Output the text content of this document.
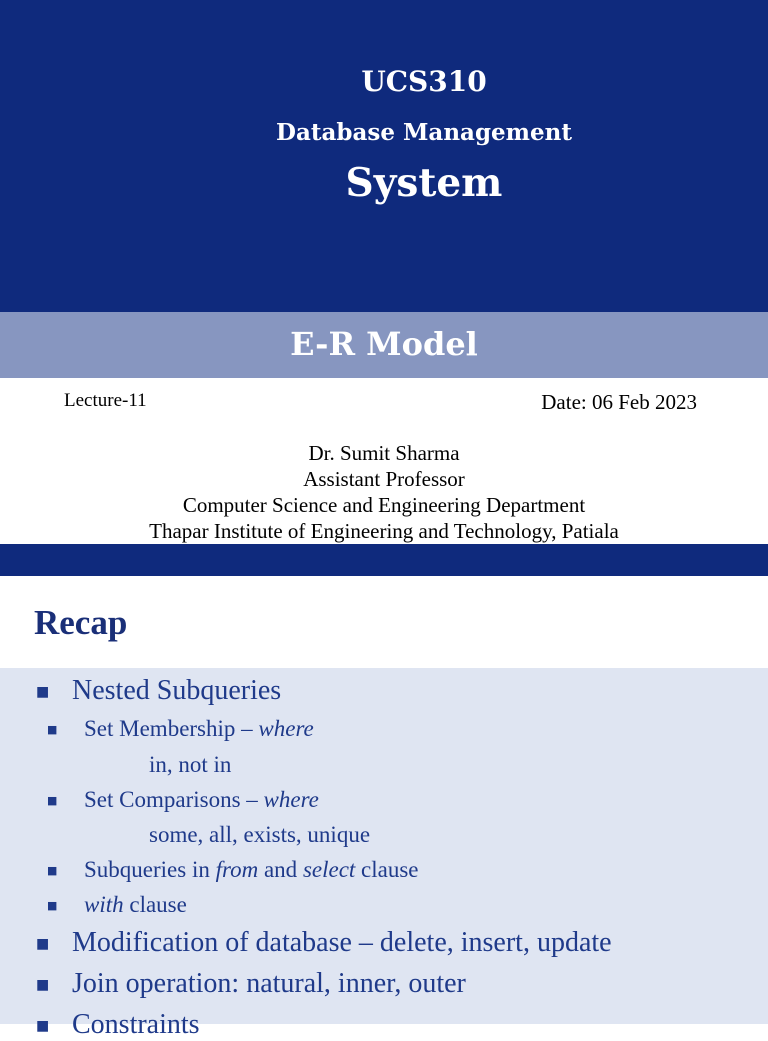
UCS310
Database Management
System
E-R Model
Lecture-11	Date: 06 Feb 2023
Dr. Sumit Sharma
Assistant Professor
Computer Science and Engineering Department
Thapar Institute of Engineering and Technology, Patiala
Recap
■ Nested Subqueries
■ Set Membership – where
in, not in
■ Set Comparisons – where
some, all, exists, unique
■ Subqueries in from and select clause
■ with clause
■ Modification of database – delete, insert, update
■ Join operation: natural, inner, outer
■ Constraints
